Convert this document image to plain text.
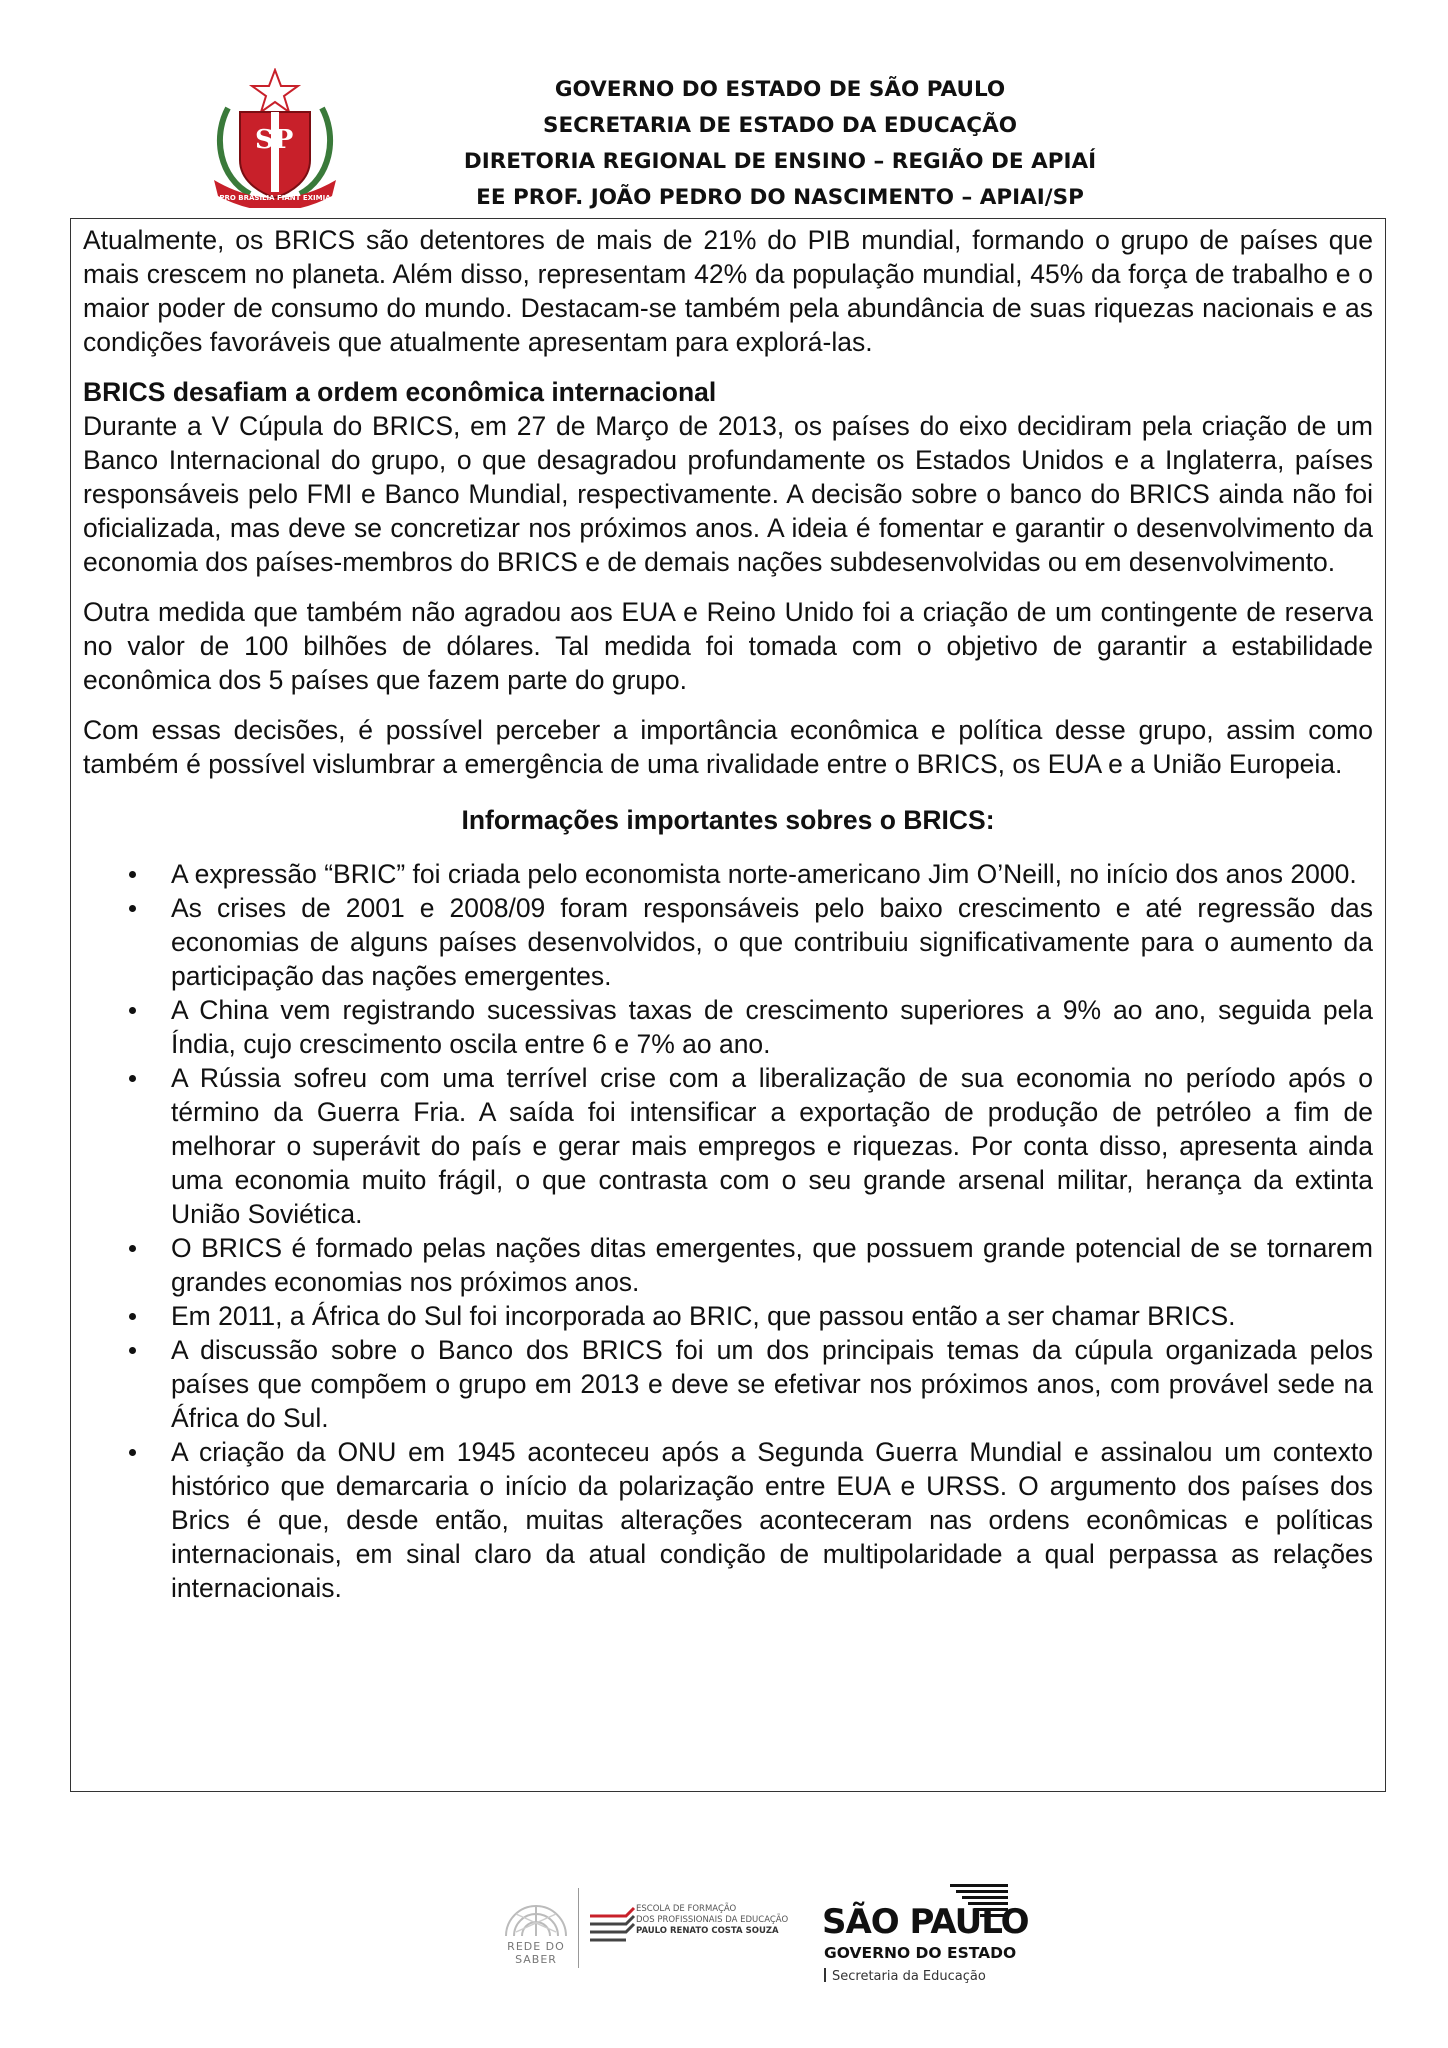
SP
PRO BRASILIA FIANT EXIMIA
GOVERNO DO ESTADO DE SÃO PAULO
SECRETARIA DE ESTADO DA EDUCAÇÃO
DIRETORIA REGIONAL DE ENSINO – REGIÃO DE APIAÍ
EE PROF. JOÃO PEDRO DO NASCIMENTO – APIAI/SP

Atualmente, os BRICS são detentores de mais de 21% do PIB mundial, formando o grupo de países que mais crescem no planeta. Além disso, representam 42% da população mundial, 45% da força de trabalho e o maior poder de consumo do mundo. Destacam-se também pela abundância de suas riquezas nacionais e as condições favoráveis que atualmente apresentam para explorá-las.

BRICS desafiam a ordem econômica internacional

Durante a V Cúpula do BRICS, em 27 de Março de 2013, os países do eixo decidiram pela criação de um Banco Internacional do grupo, o que desagradou profundamente os Estados Unidos e a Inglaterra, países responsáveis pelo FMI e Banco Mundial, respectivamente. A decisão sobre o banco do BRICS ainda não foi oficializada, mas deve se concretizar nos próximos anos. A ideia é fomentar e garantir o desenvolvimento da economia dos países-membros do BRICS e de demais nações subdesenvolvidas ou em desenvolvimento.

Outra medida que também não agradou aos EUA e Reino Unido foi a criação de um contingente de reserva no valor de 100 bilhões de dólares. Tal medida foi tomada com o objetivo de garantir a estabilidade econômica dos 5 países que fazem parte do grupo.

Com essas decisões, é possível perceber a importância econômica e política desse grupo, assim como também é possível vislumbrar a emergência de uma rivalidade entre o BRICS, os EUA e a União Europeia.

Informações importantes sobres o BRICS:
A expressão “BRIC” foi criada pelo economista norte-americano Jim O’Neill, no início dos anos 2000.
As crises de 2001 e 2008/09 foram responsáveis pelo baixo crescimento e até regressão das economias de alguns países desenvolvidos, o que contribuiu significativamente para o aumento da participação das nações emergentes.
A China vem registrando sucessivas taxas de crescimento superiores a 9% ao ano, seguida pela Índia, cujo crescimento oscila entre 6 e 7% ao ano.
A Rússia sofreu com uma terrível crise com a liberalização de sua economia no período após o término da Guerra Fria. A saída foi intensificar a exportação de produção de petróleo a fim de melhorar o superávit do país e gerar mais empregos e riquezas. Por conta disso, apresenta ainda uma economia muito frágil, o que contrasta com o seu grande arsenal militar, herança da extinta União Soviética.
O BRICS é formado pelas nações ditas emergentes, que possuem grande potencial de se tornarem grandes economias nos próximos anos.
Em 2011, a África do Sul foi incorporada ao BRIC, que passou então a ser chamar BRICS.
A discussão sobre o Banco dos BRICS foi um dos principais temas da cúpula organizada pelos países que compõem o grupo em 2013 e deve se efetivar nos próximos anos, com provável sede na África do Sul.
A criação da ONU em 1945 aconteceu após a Segunda Guerra Mundial e assinalou um contexto histórico que demarcaria o início da polarização entre EUA e URSS. O argumento dos países dos Brics é que, desde então, muitas alterações aconteceram nas ordens econômicas e políticas internacionais, em sinal claro da atual condição de multipolaridade a qual perpassa as relações internacionais.
REDE DO SABER
ESCOLA DE FORMAÇÃO
DOS PROFISSIONAIS DA EDUCAÇÃO
PAULO RENATO COSTA SOUZA SÃO PAULO
GOVERNO DO ESTADO
Secretaria da Educação
